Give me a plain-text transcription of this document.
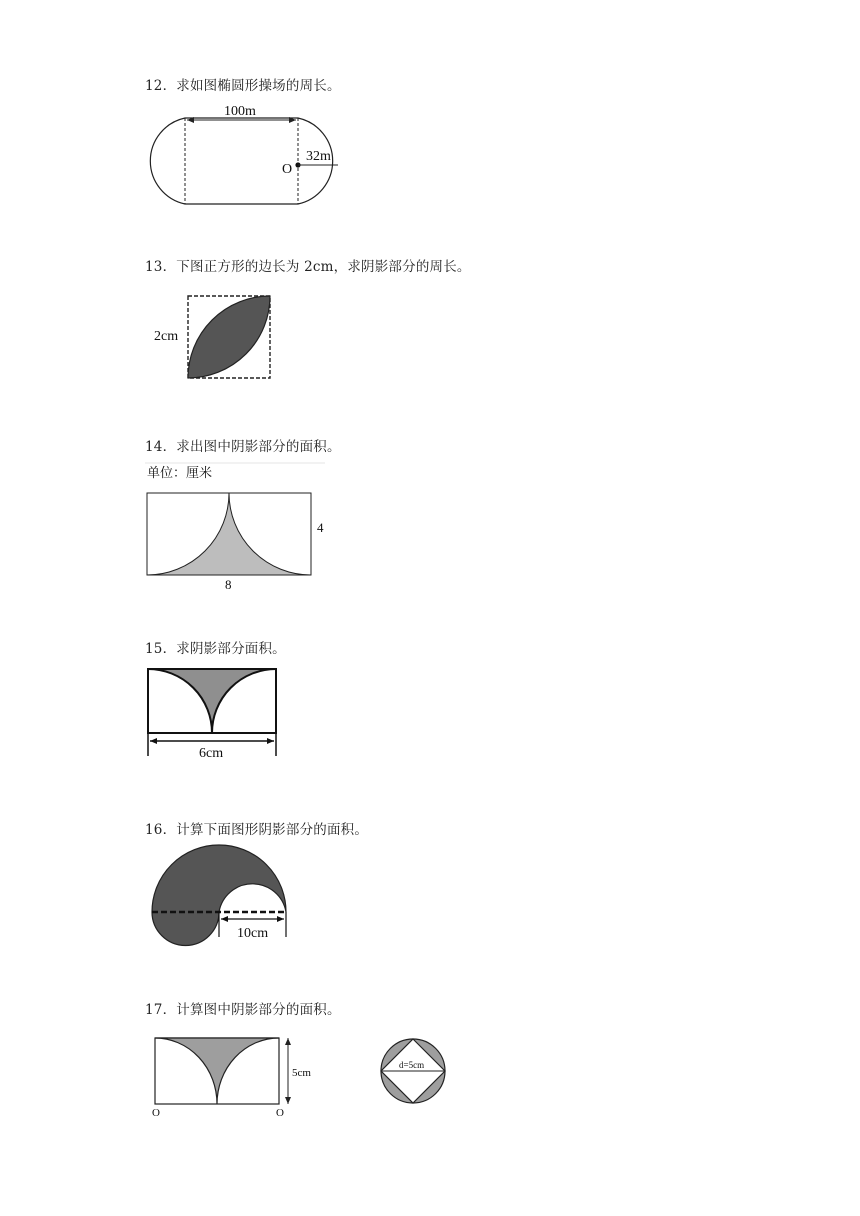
12．求如图椭圆形操场的周长。
100m
O
32m
13．下图正方形的边长为 2cm，求阴影部分的周长。
2cm
14．求出图中阴影部分的面积。
单位：厘米
4
8
15．求阴影部分面积。
6cm
16．计算下面图形阴影部分的面积。
10cm
17．计算图中阴影部分的面积。
5cm
O	O
d=5cm
